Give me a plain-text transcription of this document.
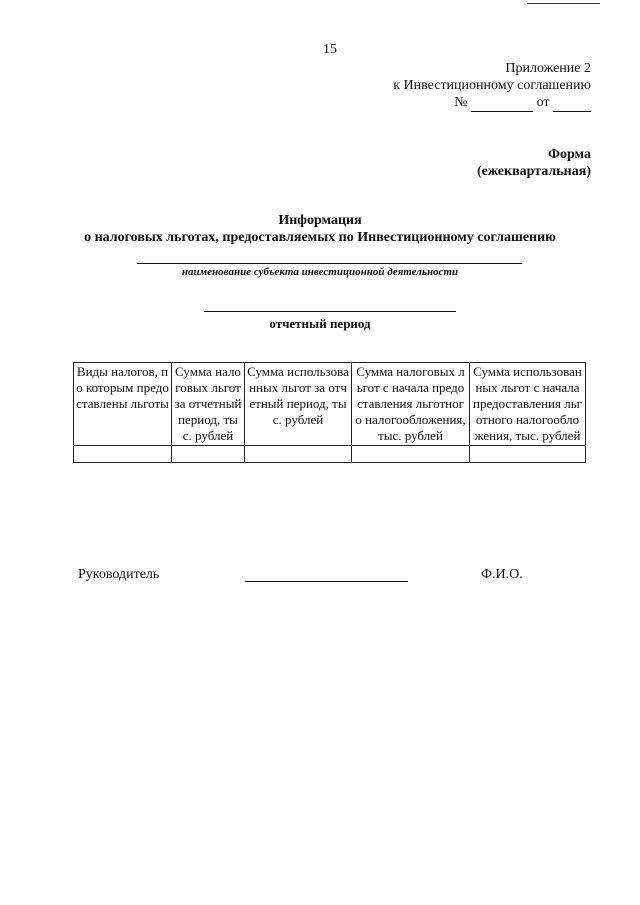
15
Приложение 2
к Инвестиционному соглашению
№	от
Форма
(ежеквартальная)
Информация
о налоговых льготах, предоставляемых по Инвестиционному соглашению
наименование субъекта инвестиционной деятельности
отчетный период
Виды налогов, по которым предоставлены льготы	Сумма налоговых льгот за отчетный период, тыс. рублей	Сумма использованных льгот за отчетный период, тыс. рублей	Сумма налоговых льгот с начала предоставления льготного налогообложения, тыс. рублей	Сумма использованных льгот с начала предоставления льготного налогообложения, тыс. рублей

Руководитель	Ф.И.О.
